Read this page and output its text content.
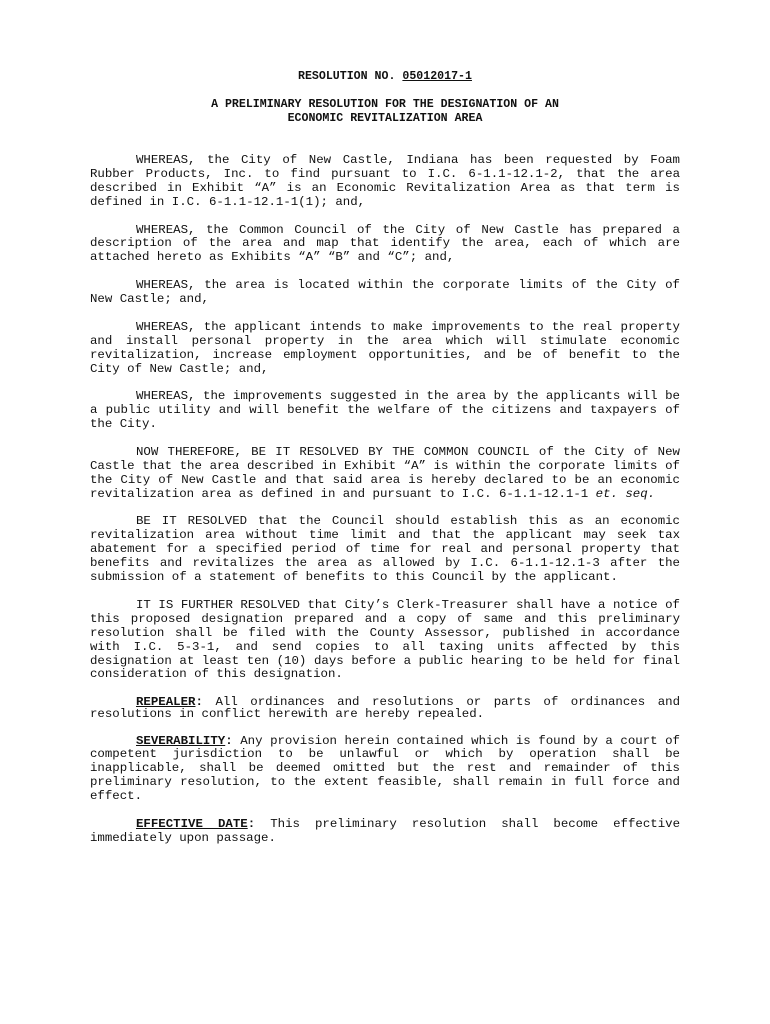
RESOLUTION NO. 05012017-1

A PRELIMINARY RESOLUTION FOR THE DESIGNATION OF AN
ECONOMIC REVITALIZATION AREA

WHEREAS, the City of New Castle, Indiana has been requested by Foam Rubber Products, Inc. to find pursuant to I.C. 6-1.1-12.1-2, that the area described in Exhibit “A” is an Economic Revitalization Area as that term is defined in I.C. 6-1.1-12.1-1(1); and,

WHEREAS, the Common Council of the City of New Castle has prepared a description of the area and map that identify the area, each of which are attached hereto as Exhibits “A” “B” and “C”; and,

WHEREAS, the area is located within the corporate limits of the City of New Castle; and,

WHEREAS, the applicant intends to make improvements to the real property and install personal property in the area which will stimulate economic revitalization, increase employment opportunities, and be of benefit to the City of New Castle; and,

WHEREAS, the improvements suggested in the area by the applicants will be a public utility and will benefit the welfare of the citizens and taxpayers of the City.

NOW THEREFORE, BE IT RESOLVED BY THE COMMON COUNCIL of the City of New Castle that the area described in Exhibit “A” is within the corporate limits of the City of New Castle and that said area is hereby declared to be an economic revitalization area as defined in and pursuant to I.C. 6-1.1-12.1-1 et. seq.

BE IT RESOLVED that the Council should establish this as an economic revitalization area without time limit and that the applicant may seek tax abatement for a specified period of time for real and personal property that benefits and revitalizes the area as allowed by I.C. 6-1.1-12.1-3 after the submission of a statement of benefits to this Council by the applicant.

IT IS FURTHER RESOLVED that City’s Clerk-Treasurer shall have a notice of this proposed designation prepared and a copy of same and this preliminary resolution shall be filed with the County Assessor, published in accordance with I.C. 5-3-1, and send copies to all taxing units affected by this designation at least ten (10) days before a public hearing to be held for final consideration of this designation.

REPEALER: All ordinances and resolutions or parts of ordinances and resolutions in conflict herewith are hereby repealed.

SEVERABILITY: Any provision herein contained which is found by a court of competent jurisdiction to be unlawful or which by operation shall be inapplicable, shall be deemed omitted but the rest and remainder of this preliminary resolution, to the extent feasible, shall remain in full force and effect.

EFFECTIVE DATE: This preliminary resolution shall become effective immediately upon passage.
